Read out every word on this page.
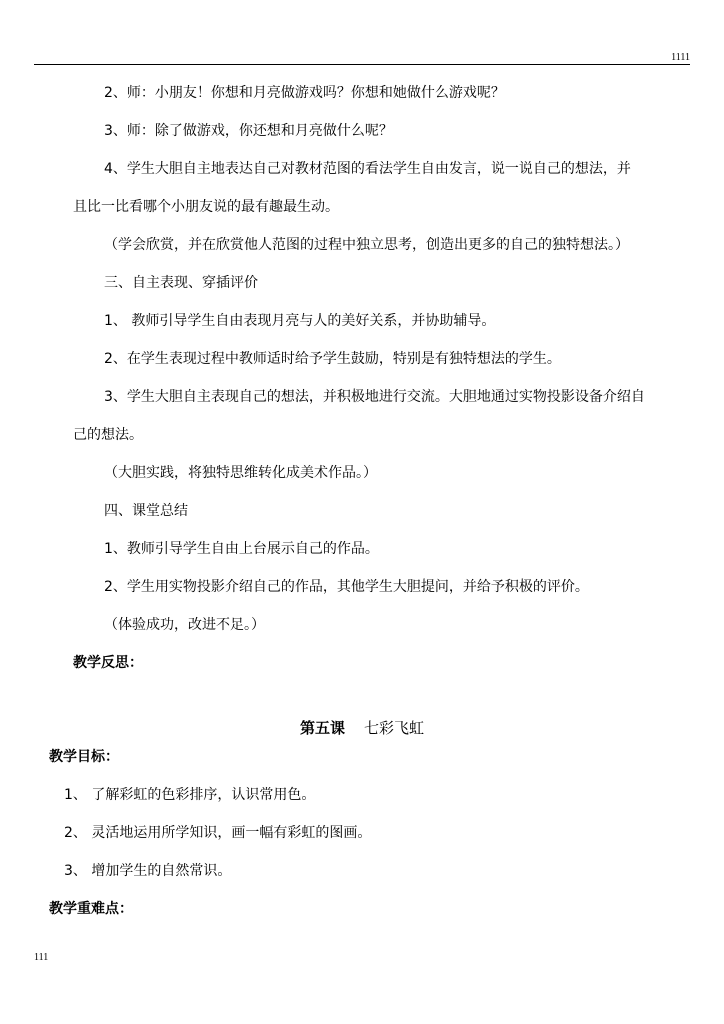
1111
2、师：小朋友！你想和月亮做游戏吗？你想和她做什么游戏呢？
3、师：除了做游戏，你还想和月亮做什么呢？
4、学生大胆自主地表达自己对教材范图的看法学生自由发言，说一说自己的想法，并
且比一比看哪个小朋友说的最有趣最生动。
（学会欣赏，并在欣赏他人范图的过程中独立思考，创造出更多的自己的独特想法。）
三、自主表现、穿插评价
1、 教师引导学生自由表现月亮与人的美好关系，并协助辅导。
2、在学生表现过程中教师适时给予学生鼓励，特别是有独特想法的学生。
3、学生大胆自主表现自己的想法，并积极地进行交流。大胆地通过实物投影设备介绍自
己的想法。
（大胆实践，将独特思维转化成美术作品。）
四、课堂总结
1、教师引导学生自由上台展示自己的作品。
2、学生用实物投影介绍自己的作品，其他学生大胆提问，并给予积极的评价。
（体验成功，改进不足。）
教学反思：
第五课 七彩飞虹
教学目标：
1、 了解彩虹的色彩排序，认识常用色。
2、 灵活地运用所学知识，画一幅有彩虹的图画。
3、 增加学生的自然常识。
教学重难点：
111
